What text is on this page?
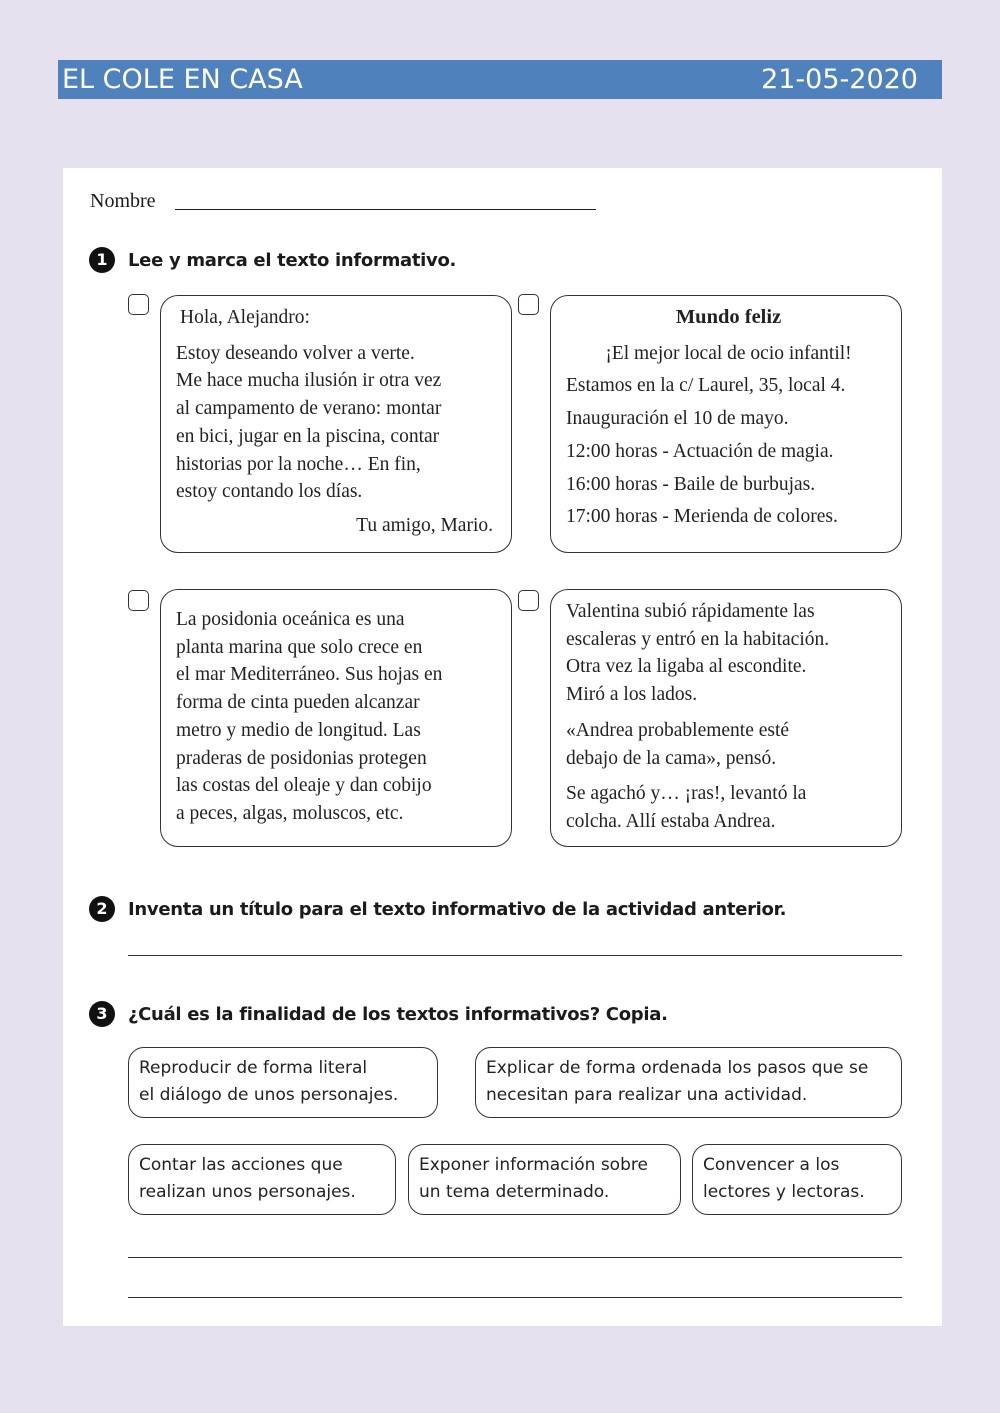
EL COLE EN CASA	21-05-2020
Nombre
1	Lee y marca el texto informativo.

Hola, Alejandro:

Estoy deseando volver a verte.

Me hace mucha ilusión ir otra vez

al campamento de verano: montar

en bici, jugar en la piscina, contar

historias por la noche… En fin,

estoy contando los días.

Tu amigo, Mario.

Mundo feliz

¡El mejor local de ocio infantil!

Estamos en la c/ Laurel, 35, local 4.

Inauguración el 10 de mayo.

12:00 horas - Actuación de magia.

16:00 horas - Baile de burbujas.

17:00 horas - Merienda de colores.

La posidonia oceánica es una

planta marina que solo crece en

el mar Mediterráneo. Sus hojas en

forma de cinta pueden alcanzar

metro y medio de longitud. Las

praderas de posidonias protegen

las costas del oleaje y dan cobijo

a peces, algas, moluscos, etc.

Valentina subió rápidamente las

escaleras y entró en la habitación.

Otra vez la ligaba al escondite.

Miró a los lados.

«Andrea probablemente esté

debajo de la cama», pensó.

Se agachó y… ¡ras!, levantó la

colcha. Allí estaba Andrea.

2	Inventa un título para el texto informativo de la actividad anterior.
3	¿Cuál es la finalidad de los textos informativos? Copia.
Reproducir de forma literal
el diálogo de unos personajes.
Explicar de forma ordenada los pasos que se
necesitan para realizar una actividad.
Contar las acciones que
realizan unos personajes.
Exponer información sobre
un tema determinado.
Convencer a los
lectores y lectoras.
